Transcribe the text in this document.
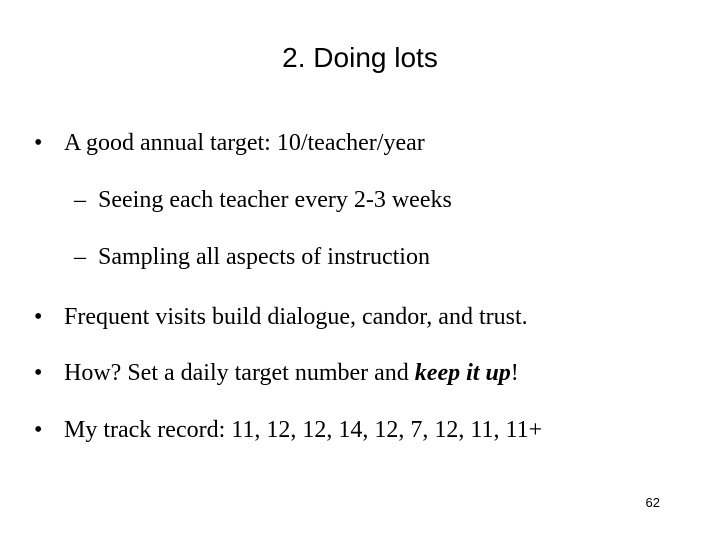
2. Doing lots
• A good annual target: 10/teacher/year
– Seeing each teacher every 2-3 weeks
– Sampling all aspects of instruction
• Frequent visits build dialogue, candor, and trust.
• How? Set a daily target number and keep it up!
• My track record: 11, 12, 12, 14, 12, 7, 12, 11, 11+
62
